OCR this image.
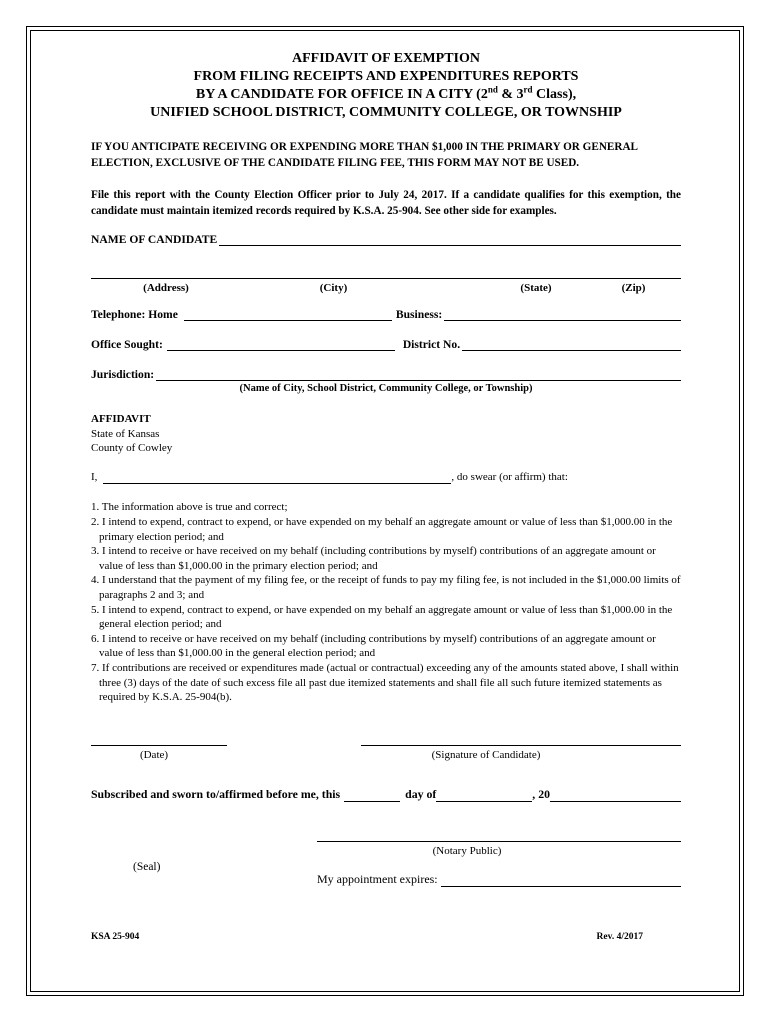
AFFIDAVIT OF EXEMPTION
FROM FILING RECEIPTS AND EXPENDITURES REPORTS
BY A CANDIDATE FOR OFFICE IN A CITY (2nd & 3rd Class),
UNIFIED SCHOOL DISTRICT, COMMUNITY COLLEGE, OR TOWNSHIP
IF YOU ANTICIPATE RECEIVING OR EXPENDING MORE THAN $1,000 IN THE PRIMARY OR GENERAL ELECTION, EXCLUSIVE OF THE CANDIDATE FILING FEE, THIS FORM MAY NOT BE USED.
File this report with the County Election Officer prior to July 24, 2017. If a candidate qualifies for this exemption, the candidate must maintain itemized records required by K.S.A. 25-904. See other side for examples.
NAME OF CANDIDATE
(Address)	(City)	(State)	(Zip)
Telephone: Home	Business:
Office Sought:	District No.
Jurisdiction:
(Name of City, School District, Community College, or Township)
AFFIDAVIT
State of Kansas
County of Cowley
I,	, do swear (or affirm) that:
1. The information above is true and correct;
2. I intend to expend, contract to expend, or have expended on my behalf an aggregate amount or value of less than $1,000.00 in the primary election period; and
3. I intend to receive or have received on my behalf (including contributions by myself) contributions of an aggregate amount or value of less than $1,000.00 in the primary election period; and
4. I understand that the payment of my filing fee, or the receipt of funds to pay my filing fee, is not included in the $1,000.00 limits of paragraphs 2 and 3; and
5. I intend to expend, contract to expend, or have expended on my behalf an aggregate amount or value of less than $1,000.00 in the general election period; and
6. I intend to receive or have received on my behalf (including contributions by myself) contributions of an aggregate amount or value of less than $1,000.00 in the general election period; and
7. If contributions are received or expenditures made (actual or contractual) exceeding any of the amounts stated above, I shall within three (3) days of the date of such excess file all past due itemized statements and shall file all such future itemized statements as required by K.S.A. 25-904(b).
(Date)	(Signature of Candidate)
Subscribed and sworn to/affirmed before me, this	day of	, 20
(Notary Public)
(Seal)
My appointment expires:
KSA 25-904	Rev. 4/2017
